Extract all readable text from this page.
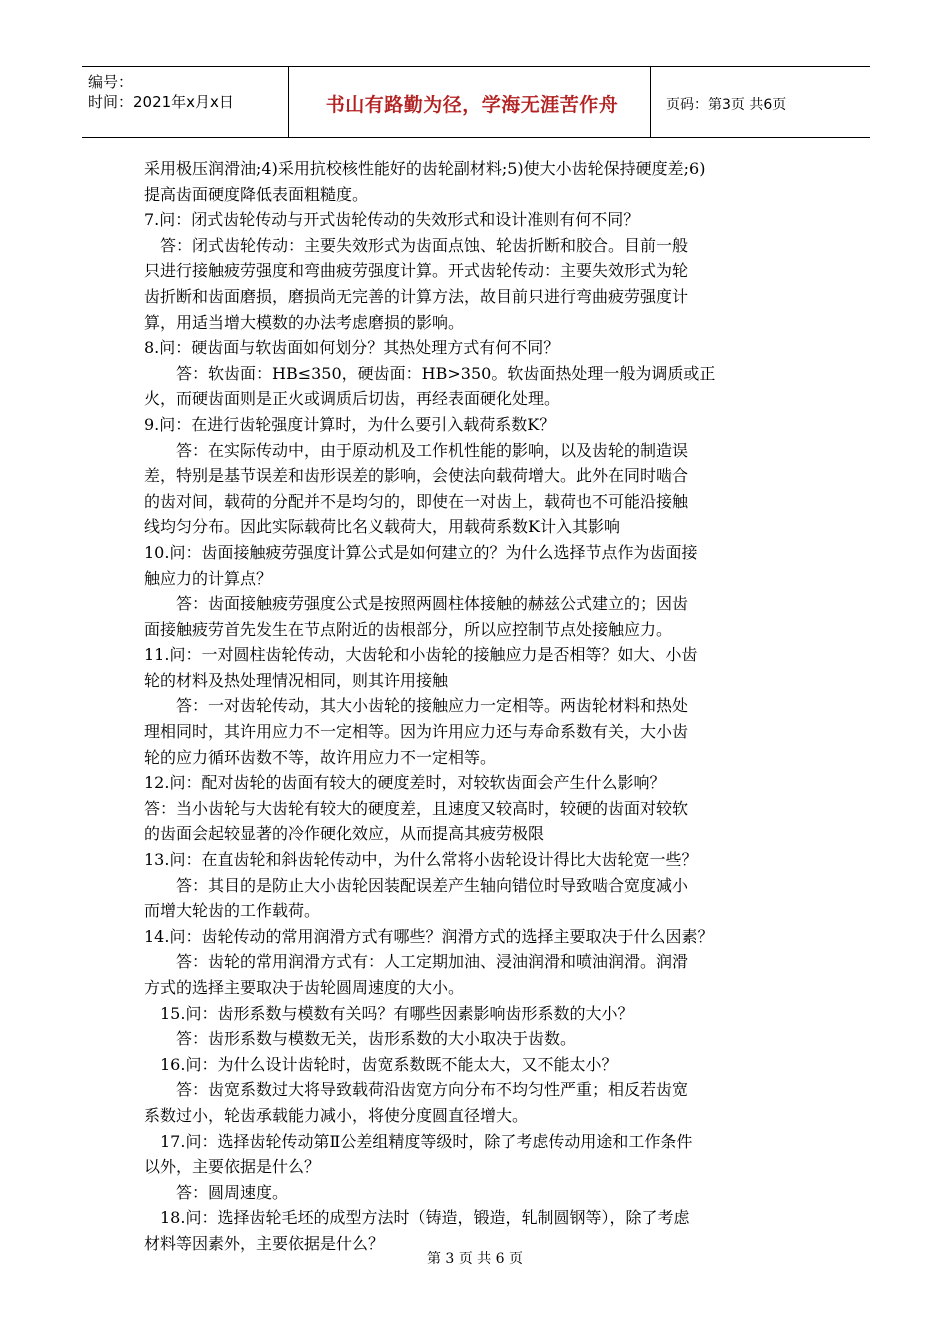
编号：
时间：2021年x月x日	书山有路勤为径，学海无涯苦作舟	页码：第3页 共6页

采用极压润滑油;4)采用抗校核性能好的齿轮副材料;5)使大小齿轮保持硬度差;6)

提高齿面硬度降低表面粗糙度。

7.问：闭式齿轮传动与开式齿轮传动的失效形式和设计准则有何不同？

答：闭式齿轮传动：主要失效形式为齿面点蚀、轮齿折断和胶合。目前一般

只进行接触疲劳强度和弯曲疲劳强度计算。开式齿轮传动：主要失效形式为轮

齿折断和齿面磨损，磨损尚无完善的计算方法，故目前只进行弯曲疲劳强度计

算，用适当增大模数的办法考虑磨损的影响。

8.问：硬齿面与软齿面如何划分？其热处理方式有何不同？

答：软齿面：HB≤350，硬齿面：HB>350。软齿面热处理一般为调质或正

火，而硬齿面则是正火或调质后切齿，再经表面硬化处理。

9.问：在进行齿轮强度计算时，为什么要引入载荷系数K？

答：在实际传动中，由于原动机及工作机性能的影响，以及齿轮的制造误

差，特别是基节误差和齿形误差的影响，会使法向载荷增大。此外在同时啮合

的齿对间，载荷的分配并不是均匀的，即使在一对齿上，载荷也不可能沿接触

线均匀分布。因此实际载荷比名义载荷大，用载荷系数K计入其影响

10.问：齿面接触疲劳强度计算公式是如何建立的？为什么选择节点作为齿面接

触应力的计算点？

答：齿面接触疲劳强度公式是按照两圆柱体接触的赫兹公式建立的；因齿

面接触疲劳首先发生在节点附近的齿根部分，所以应控制节点处接触应力。

11.问：一对圆柱齿轮传动，大齿轮和小齿轮的接触应力是否相等？如大、小齿

轮的材料及热处理情况相同，则其许用接触

答：一对齿轮传动，其大小齿轮的接触应力一定相等。两齿轮材料和热处

理相同时，其许用应力不一定相等。因为许用应力还与寿命系数有关，大小齿

轮的应力循环齿数不等，故许用应力不一定相等。

12.问：配对齿轮的齿面有较大的硬度差时，对较软齿面会产生什么影响？

答：当小齿轮与大齿轮有较大的硬度差，且速度又较高时，较硬的齿面对较软

的齿面会起较显著的冷作硬化效应，从而提高其疲劳极限

13.问：在直齿轮和斜齿轮传动中，为什么常将小齿轮设计得比大齿轮宽一些？

答：其目的是防止大小齿轮因装配误差产生轴向错位时导致啮合宽度减小

而增大轮齿的工作载荷。

14.问：齿轮传动的常用润滑方式有哪些？润滑方式的选择主要取决于什么因素？

答：齿轮的常用润滑方式有：人工定期加油、浸油润滑和喷油润滑。润滑

方式的选择主要取决于齿轮圆周速度的大小。

15.问：齿形系数与模数有关吗？有哪些因素影响齿形系数的大小？

答：齿形系数与模数无关，齿形系数的大小取决于齿数。

16.问：为什么设计齿轮时，齿宽系数既不能太大，又不能太小？

答：齿宽系数过大将导致载荷沿齿宽方向分布不均匀性严重；相反若齿宽

系数过小，轮齿承载能力减小，将使分度圆直径增大。

17.问：选择齿轮传动第Ⅱ公差组精度等级时，除了考虑传动用途和工作条件

以外，主要依据是什么？

答：圆周速度。

18.问：选择齿轮毛坯的成型方法时（铸造，锻造，轧制圆钢等），除了考虑

材料等因素外，主要依据是什么？

第 3 页 共 6 页
